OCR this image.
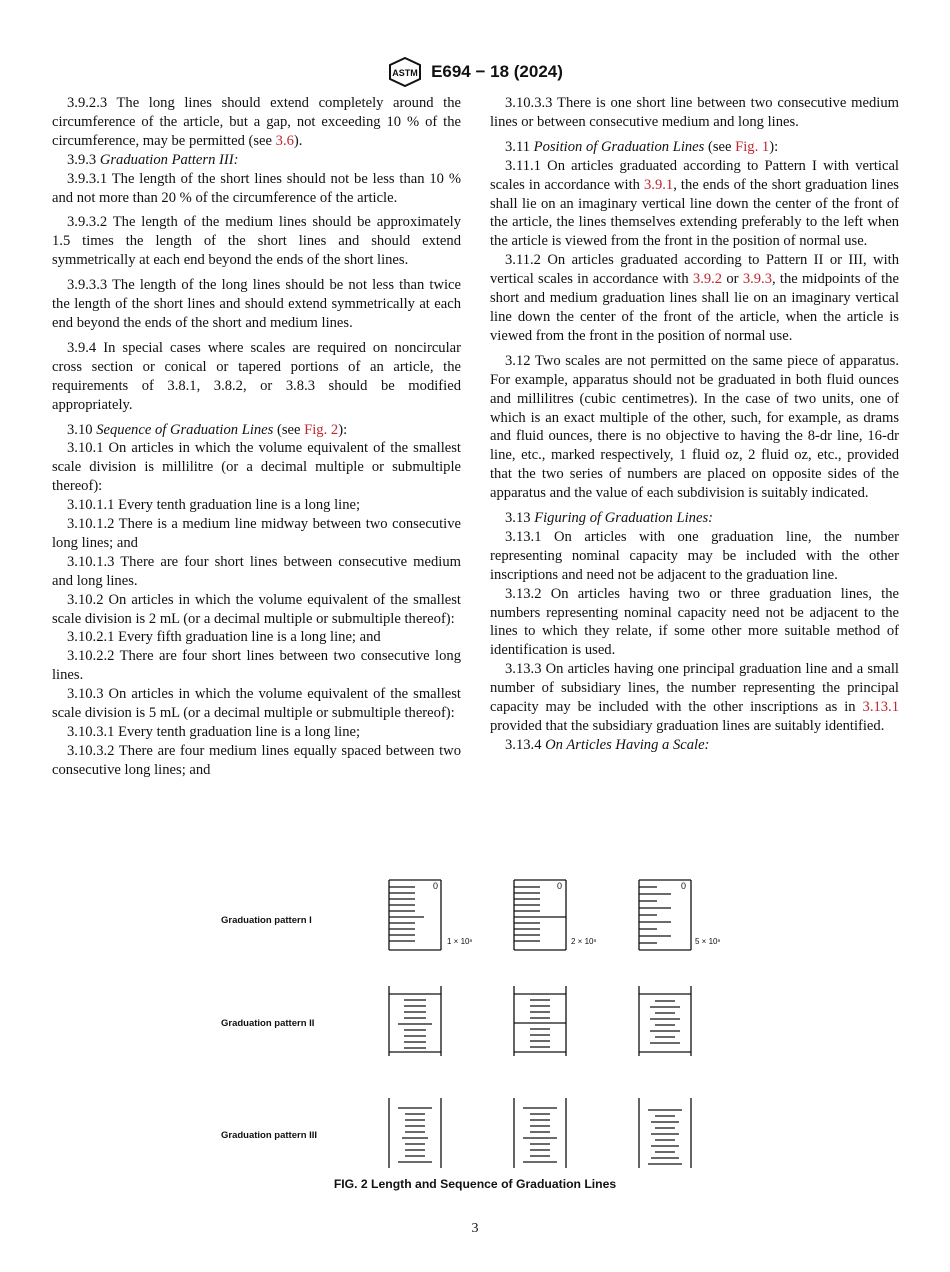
ASTM E694 − 18 (2024)

3.9.2.3 The long lines should extend completely around the circumference of the article, but a gap, not exceeding 10 % of the circumference, may be permitted (see 3.6).

3.9.3 Graduation Pattern III:

3.9.3.1 The length of the short lines should not be less than 10 % and not more than 20 % of the circumference of the article.

3.9.3.2 The length of the medium lines should be approximately 1.5 times the length of the short lines and should extend symmetrically at each end beyond the ends of the short lines.

3.9.3.3 The length of the long lines should be not less than twice the length of the short lines and should extend symmetrically at each end beyond the ends of the short and medium lines.

3.9.4 In special cases where scales are required on noncircular cross section or conical or tapered portions of an article, the requirements of 3.8.1, 3.8.2, or 3.8.3 should be modified appropriately.

3.10 Sequence of Graduation Lines (see Fig. 2):

3.10.1 On articles in which the volume equivalent of the smallest scale division is millilitre (or a decimal multiple or submultiple thereof):

3.10.1.1 Every tenth graduation line is a long line;

3.10.1.2 There is a medium line midway between two consecutive long lines; and

3.10.1.3 There are four short lines between consecutive medium and long lines.

3.10.2 On articles in which the volume equivalent of the smallest scale division is 2 mL (or a decimal multiple or submultiple thereof):

3.10.2.1 Every fifth graduation line is a long line; and

3.10.2.2 There are four short lines between two consecutive long lines.

3.10.3 On articles in which the volume equivalent of the smallest scale division is 5 mL (or a decimal multiple or submultiple thereof):

3.10.3.1 Every tenth graduation line is a long line;

3.10.3.2 There are four medium lines equally spaced between two consecutive long lines; and

3.10.3.3 There is one short line between two consecutive medium lines or between consecutive medium and long lines.

3.11 Position of Graduation Lines (see Fig. 1):

3.11.1 On articles graduated according to Pattern I with vertical scales in accordance with 3.9.1, the ends of the short graduation lines shall lie on an imaginary vertical line down the center of the front of the article, the lines themselves extending preferably to the left when the article is viewed from the front in the position of normal use.

3.11.2 On articles graduated according to Pattern II or III, with vertical scales in accordance with 3.9.2 or 3.9.3, the midpoints of the short and medium graduation lines shall lie on an imaginary vertical line down the center of the front of the article, when the article is viewed from the front in the position of normal use.

3.12 Two scales are not permitted on the same piece of apparatus. For example, apparatus should not be graduated in both fluid ounces and millilitres (cubic centimetres). In the case of two units, one of which is an exact multiple of the other, such, for example, as drams and fluid ounces, there is no objective to having the 8-dr line, 16-dr line, etc., marked respectively, 1 fluid oz, 2 fluid oz, etc., provided that the two series of numbers are placed on opposite sides of the apparatus and the value of each subdivision is suitably indicated.

3.13 Figuring of Graduation Lines:

3.13.1 On articles with one graduation line, the number representing nominal capacity may be included with the other inscriptions and need not be adjacent to the graduation line.

3.13.2 On articles having two or three graduation lines, the numbers representing nominal capacity need not be adjacent to the lines to which they relate, if some other more suitable method of identification is used.

3.13.3 On articles having one principal graduation line and a small number of subsidiary lines, the number representing the principal capacity may be included with the other inscriptions as in 3.13.1 provided that the subsidiary graduation lines are suitably identified.

3.13.4 On Articles Having a Scale:

Graduation pattern I
Graduation pattern II
Graduation pattern III
0
1 × 10ⁿ
0
2 × 10ⁿ
0
5 × 10ⁿ
FIG. 2 Length and Sequence of Graduation Lines
3
